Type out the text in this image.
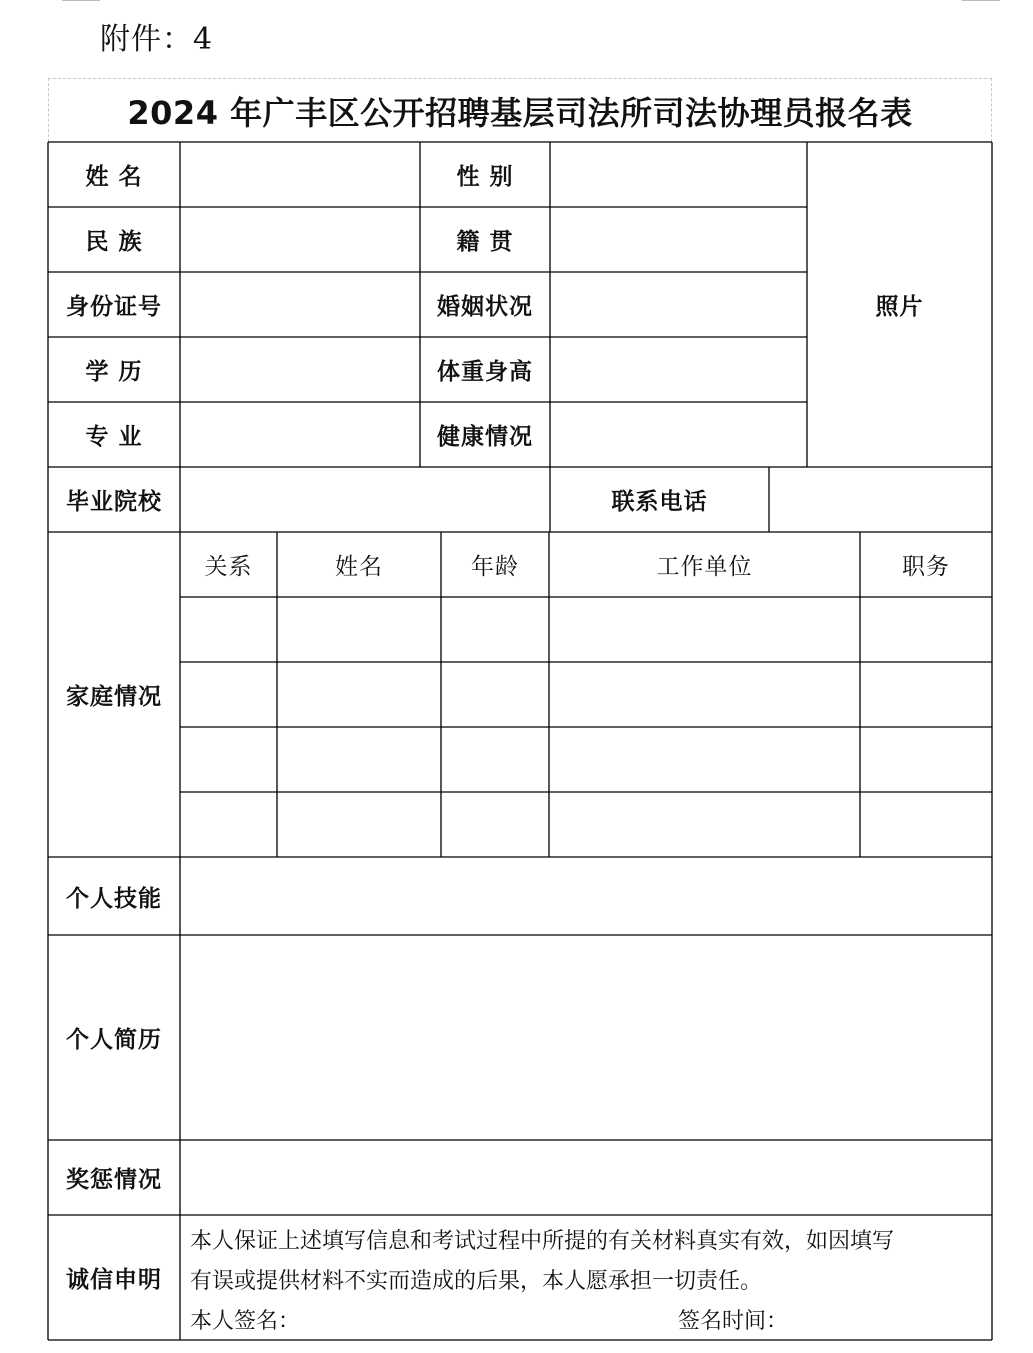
附件：4
2024 年广丰区公开招聘基层司法所司法协理员报名表
姓 名	性 别
民 族	籍 贯
身份证号	婚姻状况
学 历	体重身高
专 业	健康情况
照片
毕业院校	联系电话
家庭情况
关系	姓名	年龄	工作单位	职务
个人技能
个人简历
奖惩情况
诚信申明

本人保证上述填写信息和考试过程中所提的有关材料真实有效，如因填写

有误或提供材料不实而造成的后果，本人愿承担一切责任。

本人签名：	签名时间：
